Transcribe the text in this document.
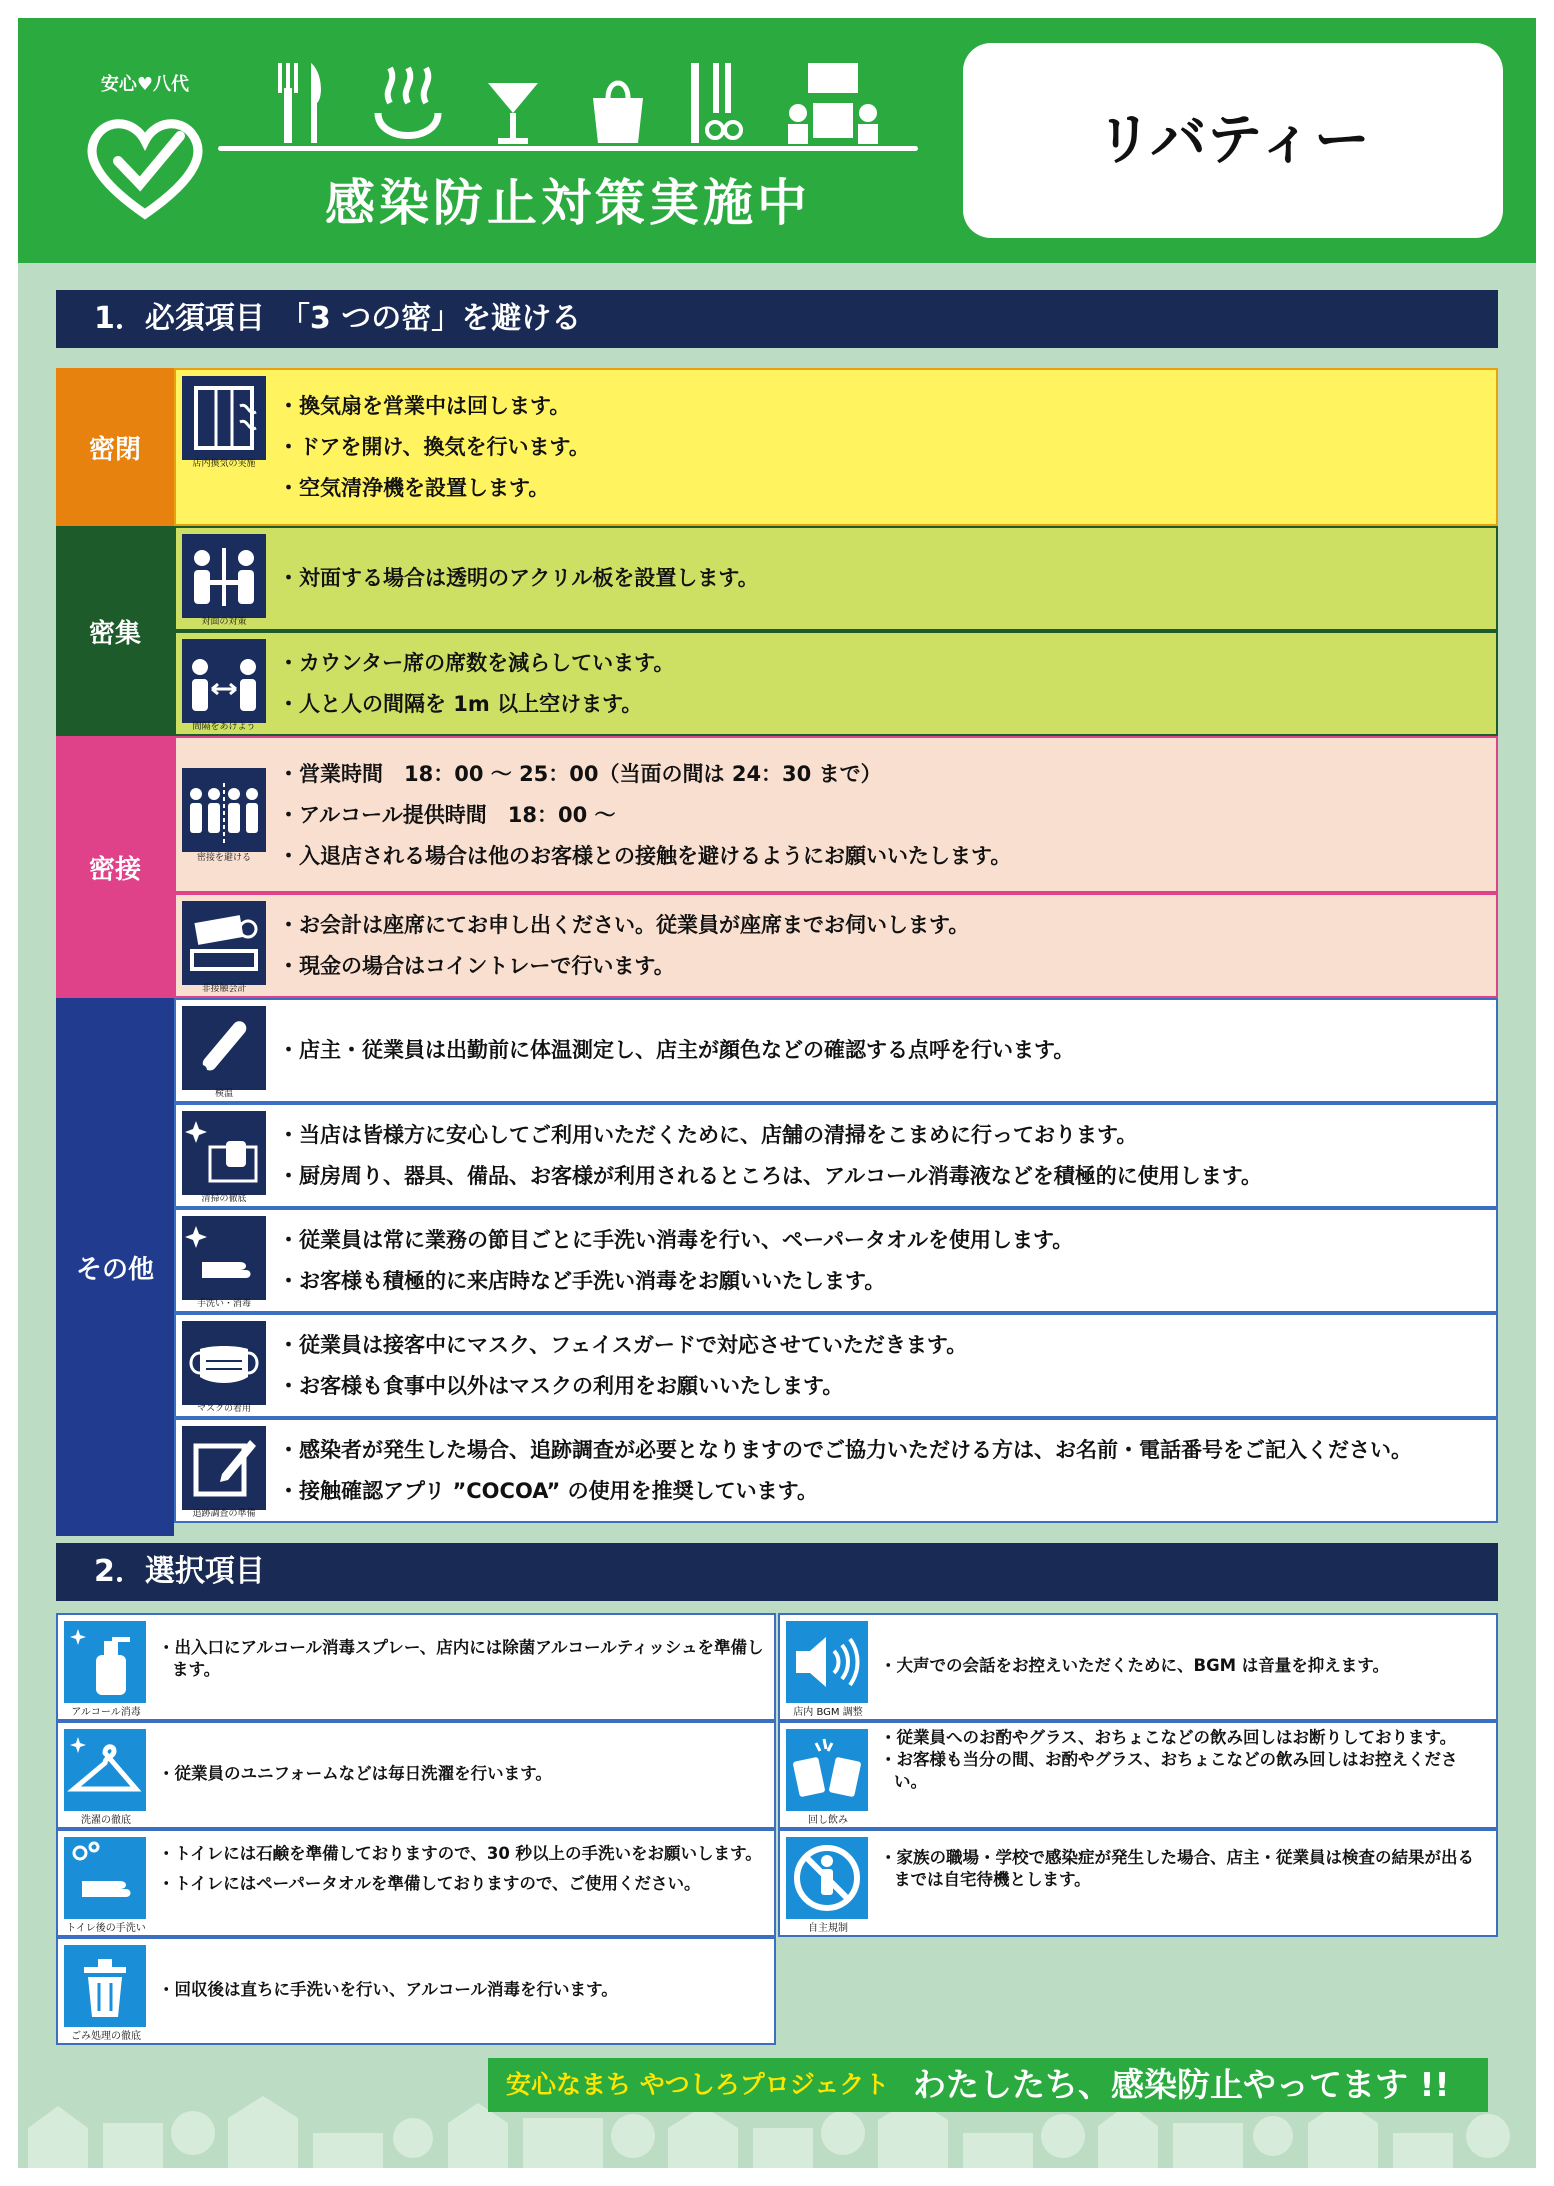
安心♥八代
感染防止対策実施中
リバティー
1．必須項目　「3 つの密」を避ける
密閉
密集
密接
その他
店内換気の実施
・換気扇を営業中は回します。
・ドアを開け、換気を行います。
・空気清浄機を設置します。
対面の対策
・対面する場合は透明のアクリル板を設置します。
間隔をあけよう
・カウンター席の席数を減らしています。
・人と人の間隔を 1m 以上空けます。
密接を避ける
・営業時間　18：00 ～ 25：00（当面の間は 24：30 まで）
・アルコール提供時間　18：00 ～
・入退店される場合は他のお客様との接触を避けるようにお願いいたします。
非接触会計
・お会計は座席にてお申し出ください。従業員が座席までお伺いします。
・現金の場合はコイントレーで行います。
検温
・店主・従業員は出勤前に体温測定し、店主が顔色などの確認する点呼を行います。
清掃の徹底
・当店は皆様方に安心してご利用いただくために、店舗の清掃をこまめに行っております。
・厨房周り、器具、備品、お客様が利用されるところは、アルコール消毒液などを積極的に使用します。
手洗い・消毒
・従業員は常に業務の節目ごとに手洗い消毒を行い、ペーパータオルを使用します。
・お客様も積極的に来店時など手洗い消毒をお願いいたします。
マスクの着用
・従業員は接客中にマスク、フェイスガードで対応させていただきます。
・お客様も食事中以外はマスクの利用をお願いいたします。
追跡調査の準備
・感染者が発生した場合、追跡調査が必要となりますのでご協力いただける方は、お名前・電話番号をご記入ください。
・接触確認アプリ ”COCOA” の使用を推奨しています。
2．選択項目
アルコール消毒
・出入口にアルコール消毒スプレー、店内には除菌アルコールティッシュを準備します。
洗濯の徹底
・従業員のユニフォームなどは毎日洗濯を行います。
トイレ後の手洗い
・トイレには石鹸を準備しておりますので、30 秒以上の手洗いをお願いします。
・トイレにはペーパータオルを準備しておりますので、ご使用ください。
ごみ処理の徹底
・回収後は直ちに手洗いを行い、アルコール消毒を行います。
店内 BGM 調整
・大声での会話をお控えいただくために、BGM は音量を抑えます。
回し飲み
・従業員へのお酌やグラス、おちょこなどの飲み回しはお断りしております。
・お客様も当分の間、お酌やグラス、おちょこなどの飲み回しはお控えください。
自主規制
・家族の職場・学校で感染症が発生した場合、店主・従業員は検査の結果が出るまでは自宅待機とします。
安心なまち やつしろプロジェクト わたしたち、感染防止やってます !!
